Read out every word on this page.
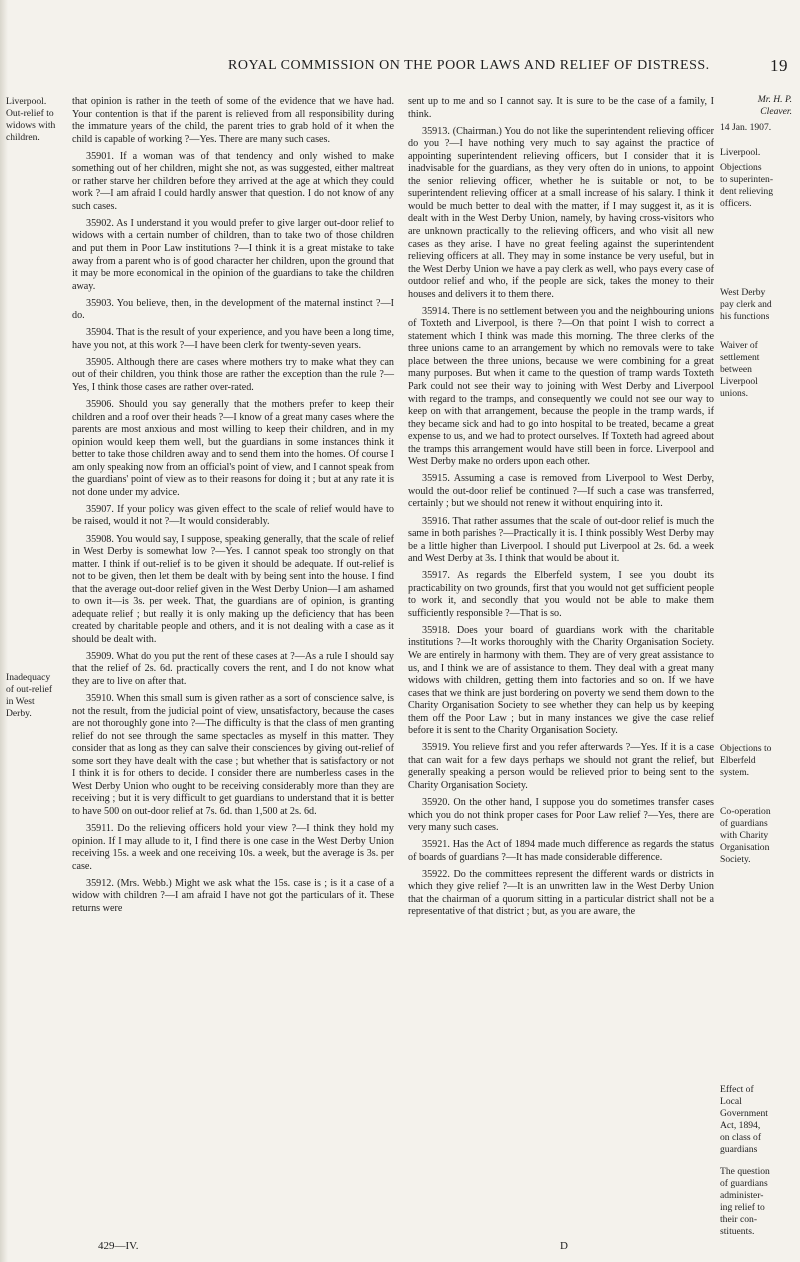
ROYAL COMMISSION ON THE POOR LAWS AND RELIEF OF DISTRESS.	19
Liverpool.
Out-relief to
widows with
children.
Inadequacy
of out-relief
in West
Derby.

that opinion is rather in the teeth of some of the evidence that we have had. Your contention is that if the parent is relieved from all responsibility during the immature years of the child, the parent tries to grab hold of it when the child is capable of working ?—Yes. There are many such cases.

35901. If a woman was of that tendency and only wished to make something out of her children, might she not, as was suggested, either maltreat or rather starve her children before they arrived at the age at which they could work ?—I am afraid I could hardly answer that question. I do not know of any such cases.

35902. As I understand it you would prefer to give larger out-door relief to widows with a certain number of children, than to take two of those children and put them in Poor Law institutions ?—I think it is a great mistake to take away from a parent who is of good character her children, upon the ground that it may be more economical in the opinion of the guardians to take the children away.

35903. You believe, then, in the development of the maternal instinct ?—I do.

35904. That is the result of your experience, and you have been a long time, have you not, at this work ?—I have been clerk for twenty-seven years.

35905. Although there are cases where mothers try to make what they can out of their children, you think those are rather the exception than the rule ?—Yes, I think those cases are rather over-rated.

35906. Should you say generally that the mothers prefer to keep their children and a roof over their heads ?—I know of a great many cases where the parents are most anxious and most willing to keep their children, and in my opinion would keep them well, but the guardians in some instances think it better to take those children away and to send them into the homes. Of course I am only speaking now from an official's point of view, and I cannot speak from the guardians' point of view as to their reasons for doing it ; but at any rate it is not done under my advice.

35907. If your policy was given effect to the scale of relief would have to be raised, would it not ?—It would considerably.

35908. You would say, I suppose, speaking generally, that the scale of relief in West Derby is somewhat low ?—Yes. I cannot speak too strongly on that matter. I think if out-relief is to be given it should be adequate. If out-relief is not to be given, then let them be dealt with by being sent into the house. I find that the average out-door relief given in the West Derby Union—I am ashamed to own it—is 3s. per week. That, the guardians are of opinion, is granting adequate relief ; but really it is only making up the deficiency that has been created by charitable people and others, and it is not dealing with a case as it should be dealt with.

35909. What do you put the rent of these cases at ?—As a rule I should say that the relief of 2s. 6d. practically covers the rent, and I do not know what they are to live on after that.

35910. When this small sum is given rather as a sort of conscience salve, is not the result, from the judicial point of view, unsatisfactory, because the cases are not thoroughly gone into ?—The difficulty is that the class of men granting relief do not see through the same spectacles as myself in this matter. They consider that as long as they can salve their consciences by giving out-relief of some sort they have dealt with the case ; but whether that is satisfactory or not I think it is for others to decide. I consider there are numberless cases in the West Derby Union who ought to be receiving considerably more than they are receiving ; but it is very difficult to get guardians to understand that it is better to have 500 on out-door relief at 7s. 6d. than 1,500 at 2s. 6d.

35911. Do the relieving officers hold your view ?—I think they hold my opinion. If I may allude to it, I find there is one case in the West Derby Union receiving 15s. a week and one receiving 10s. a week, but the average is 3s. per case.

35912. (Mrs. Webb.) Might we ask what the 15s. case is ; is it a case of a widow with children ?—I am afraid I have not got the particulars of it. These returns were

sent up to me and so I cannot say. It is sure to be the case of a family, I think.

35913. (Chairman.) You do not like the superintendent relieving officer do you ?—I have nothing very much to say against the practice of appointing superintendent relieving officers, but I consider that it is inadvisable for the guardians, as they very often do in unions, to appoint the senior relieving officer, whether he is suitable or not, to be superintendent relieving officer at a small increase of his salary. I think it would be much better to deal with the matter, if I may suggest it, as it is dealt with in the West Derby Union, namely, by having cross-visitors who are unknown practically to the relieving officers, and who visit all new cases as they arise. I have no great feeling against the superintendent relieving officers at all. They may in some instance be very useful, but in the West Derby Union we have a pay clerk as well, who pays every case of outdoor relief and who, if the people are sick, takes the money to their houses and delivers it to them there.

35914. There is no settlement between you and the neighbouring unions of Toxteth and Liverpool, is there ?—On that point I wish to correct a statement which I think was made this morning. The three clerks of the three unions came to an arrangement by which no removals were to take place between the three unions, because we were combining for a great many purposes. But when it came to the question of tramp wards Toxteth Park could not see their way to joining with West Derby and Liverpool with regard to the tramps, and consequently we could not see our way to keep on with that arrangement, because the people in the tramp wards, if they became sick and had to go into hospital to be treated, became a great expense to us, and we had to protect ourselves. If Toxteth had agreed about the tramps this arrangement would have still been in force. Liverpool and West Derby make no orders upon each other.

35915. Assuming a case is removed from Liverpool to West Derby, would the out-door relief be continued ?—If such a case was transferred, certainly ; but we should not renew it without enquiring into it.

35916. That rather assumes that the scale of out-door relief is much the same in both parishes ?—Practically it is. I think possibly West Derby may be a little higher than Liverpool. I should put Liverpool at 2s. 6d. a week and West Derby at 3s. I think that would be about it.

35917. As regards the Elberfeld system, I see you doubt its practicability on two grounds, first that you would not get sufficient people to work it, and secondly that you would not be able to make them sufficiently responsible ?—That is so.

35918. Does your board of guardians work with the charitable institutions ?—It works thoroughly with the Charity Organisation Society. We are entirely in harmony with them. They are of very great assistance to us, and I think we are of assistance to them. They deal with a great many widows with children, getting them into factories and so on. If we have cases that we think are just bordering on poverty we send them down to the Charity Organisation Society to see whether they can help us by keeping them off the Poor Law ; but in many instances we give the case relief before it is sent to the Charity Organisation Society.

35919. You relieve first and you refer afterwards ?—Yes. If it is a case that can wait for a few days perhaps we should not grant the relief, but generally speaking a person would be relieved prior to being sent to the Charity Organisation Society.

35920. On the other hand, I suppose you do sometimes transfer cases which you do not think proper cases for Poor Law relief ?—Yes, there are very many such cases.

35921. Has the Act of 1894 made much difference as regards the status of boards of guardians ?—It has made considerable difference.

35922. Do the committees represent the different wards or districts in which they give relief ?—It is an unwritten law in the West Derby Union that the chairman of a quorum sitting in a particular district shall not be a representative of that district ; but, as you are aware, the

Mr. H. P.
Cleaver.
14 Jan. 1907.
Liverpool.
Objections
to superinten-
dent relieving
officers.
West Derby
pay clerk and
his functions
Waiver of
settlement
between
Liverpool
unions.
Objections to
Elberfeld
system.
Co-operation
of guardians
with Charity
Organisation
Society.
Effect of
Local
Government
Act, 1894,
on class of
guardians
The question
of guardians
administer-
ing relief to
their con-
stituents.
429—IV.	D
